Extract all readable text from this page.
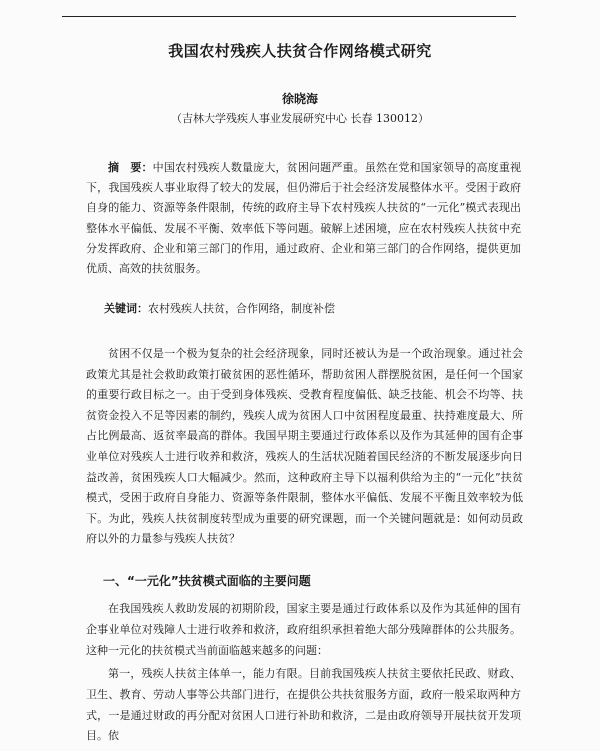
我国农村残疾人扶贫合作网络模式研究
徐晓海
（吉林大学残疾人事业发展研究中心 长春 130012）
摘　要：中国农村残疾人数量庞大，贫困问题严重。虽然在党和国家领导的高度重视下，我国残疾人事业取得了较大的发展，但仍滞后于社会经济发展整体水平。受困于政府自身的能力、资源等条件限制，传统的政府主导下农村残疾人扶贫的“一元化”模式表现出整体水平偏低、发展不平衡、效率低下等问题。破解上述困境，应在农村残疾人扶贫中充分发挥政府、企业和第三部门的作用，通过政府、企业和第三部门的合作网络，提供更加优质、高效的扶贫服务。
关键词：农村残疾人扶贫，合作网络，制度补偿
贫困不仅是一个极为复杂的社会经济现象，同时还被认为是一个政治现象。通过社会政策尤其是社会救助政策打破贫困的恶性循环，帮助贫困人群摆脱贫困，是任何一个国家的重要行政目标之一。由于受到身体残疾、受教育程度偏低、缺乏技能、机会不均等、扶贫资金投入不足等因素的制约，残疾人成为贫困人口中贫困程度最重、扶持难度最大、所占比例最高、返贫率最高的群体。我国早期主要通过行政体系以及作为其延伸的国有企事业单位对残疾人士进行收养和救济，残疾人的生活状况随着国民经济的不断发展逐步向日益改善，贫困残疾人口大幅减少。然而，这种政府主导下以福利供给为主的“一元化”扶贫模式，受困于政府自身能力、资源等条件限制，整体水平偏低、发展不平衡且效率较为低下。为此，残疾人扶贫制度转型成为重要的研究课题，而一个关键问题就是：如何动员政府以外的力量参与残疾人扶贫？
一、“一元化”扶贫模式面临的主要问题
在我国残疾人救助发展的初期阶段，国家主要是通过行政体系以及作为其延伸的国有企事业单位对残障人士进行收养和救济，政府组织承担着绝大部分残障群体的公共服务。这种一元化的扶贫模式当前面临越来越多的问题：
第一，残疾人扶贫主体单一，能力有限。目前我国残疾人扶贫主要依托民政、财政、卫生、教育、劳动人事等公共部门进行，在提供公共扶贫服务方面，政府一般采取两种方式，一是通过财政的再分配对贫困人口进行补助和救济，二是由政府领导开展扶贫开发项目。依
